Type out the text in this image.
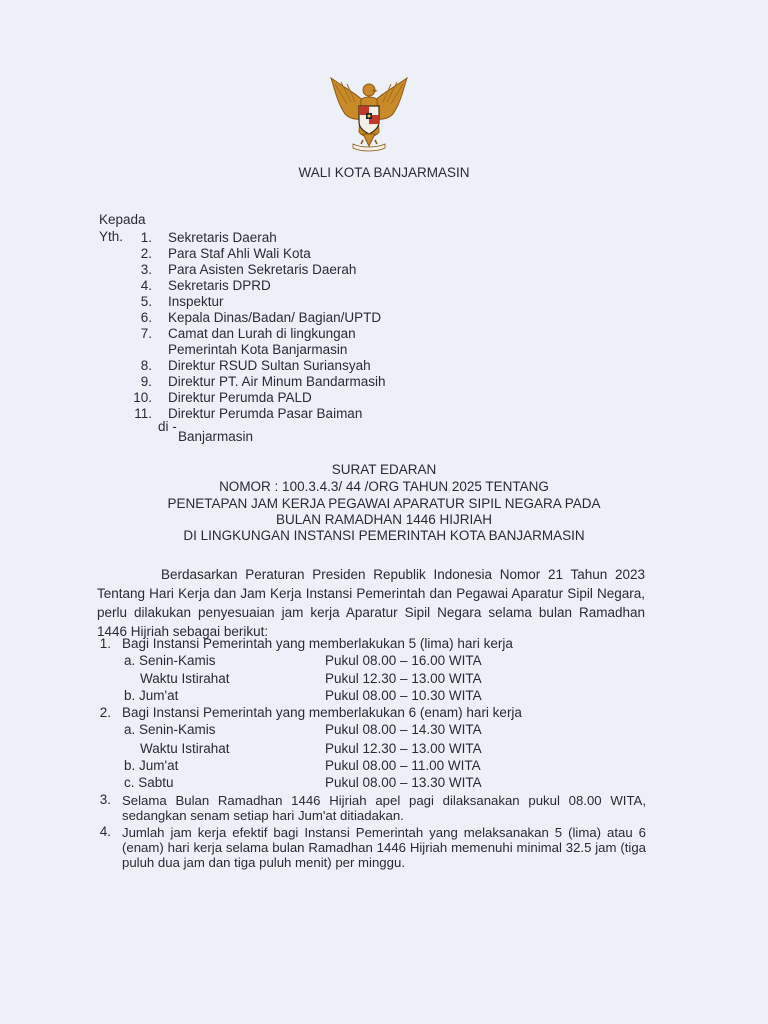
WALI KOTA BANJARMASIN
Kepada
Yth.	1. Sekretaris Daerah
2. Para Staf Ahli Wali Kota
3. Para Asisten Sekretaris Daerah
4. Sekretaris DPRD
5. Inspektur
6. Kepala Dinas/Badan/ Bagian/UPTD
7. Camat dan Lurah di lingkungan
Pemerintah Kota Banjarmasin
8. Direktur RSUD Sultan Suriansyah
9. Direktur PT. Air Minum Bandarmasih
10. Direktur Perumda PALD
11. Direktur Perumda Pasar Baiman
di -
Banjarmasin
SURAT EDARAN
NOMOR : 100.3.4.3/ 44 /ORG TAHUN 2025 TENTANG
PENETAPAN JAM KERJA PEGAWAI APARATUR SIPIL NEGARA PADA
BULAN RAMADHAN 1446 HIJRIAH
DI LINGKUNGAN INSTANSI PEMERINTAH KOTA BANJARMASIN
Berdasarkan Peraturan Presiden Republik Indonesia Nomor 21 Tahun 2023 Tentang Hari Kerja dan Jam Kerja Instansi Pemerintah dan Pegawai Aparatur Sipil Negara, perlu dilakukan penyesuaian jam kerja Aparatur Sipil Negara selama bulan Ramadhan 1446 Hijriah sebagai berikut:
1. Bagi Instansi Pemerintah yang memberlakukan 5 (lima) hari kerja
a. Senin-Kamis	Pukul 08.00 – 16.00 WITA
Waktu Istirahat	Pukul 12.30 – 13.00 WITA
b. Jum'at	Pukul 08.00 – 10.30 WITA
2. Bagi Instansi Pemerintah yang memberlakukan 6 (enam) hari kerja
a. Senin-Kamis	Pukul 08.00 – 14.30 WITA
Waktu Istirahat	Pukul 12.30 – 13.00 WITA
b. Jum'at	Pukul 08.00 – 11.00 WITA
c. Sabtu	Pukul 08.00 – 13.30 WITA
3. Selama Bulan Ramadhan 1446 Hijriah apel pagi dilaksanakan pukul 08.00 WITA, sedangkan senam setiap hari Jum'at ditiadakan.
4. Jumlah jam kerja efektif bagi Instansi Pemerintah yang melaksanakan 5 (lima) atau 6 (enam) hari kerja selama bulan Ramadhan 1446 Hijriah memenuhi minimal 32.5 jam (tiga puluh dua jam dan tiga puluh menit) per minggu.
